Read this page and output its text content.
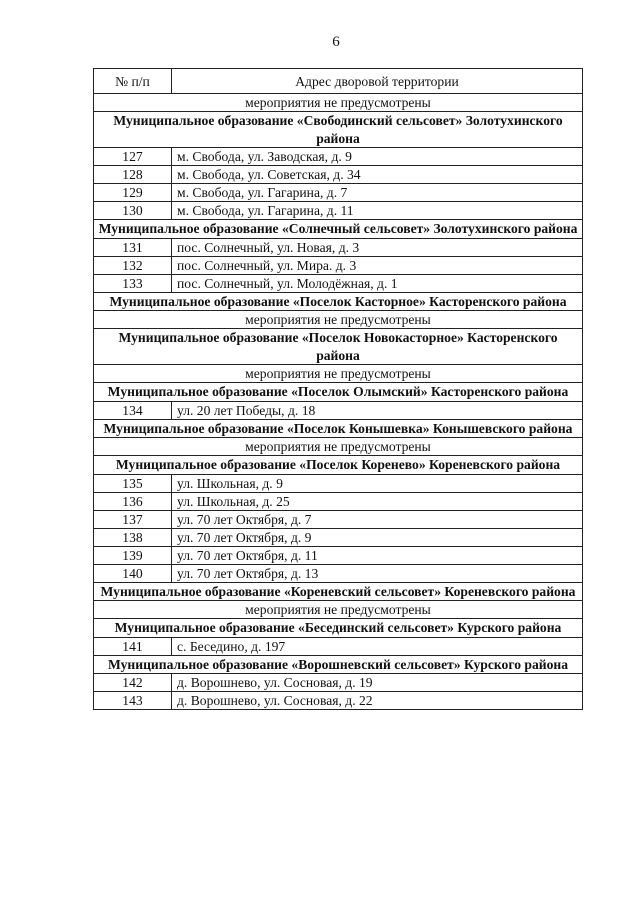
6
№ п/п	Адрес дворовой территории
мероприятия не предусмотрены	
Муниципальное образование «Свободинский сельсовет» Золотухинского района	
127	м. Свобода, ул. Заводская, д. 9
128	м. Свобода, ул. Советская, д. 34
129	м. Свобода, ул. Гагарина, д. 7
130	м. Свобода, ул. Гагарина, д. 11
Муниципальное образование «Солнечный сельсовет» Золотухинского района	
131	пос. Солнечный, ул. Новая, д. 3
132	пос. Солнечный, ул. Мира. д. 3
133	пос. Солнечный, ул. Молодёжная, д. 1
Муниципальное образование «Поселок Касторное» Касторенского района	
мероприятия не предусмотрены	
Муниципальное образование «Поселок Новокасторное» Касторенского района	
мероприятия не предусмотрены	
Муниципальное образование «Поселок Олымский» Касторенского района	
134	ул. 20 лет Победы, д. 18
Муниципальное образование «Поселок Конышевка» Конышевского района	
мероприятия не предусмотрены	
Муниципальное образование «Поселок Коренево» Кореневского района	
135	ул. Школьная, д. 9
136	ул. Школьная, д. 25
137	ул. 70 лет Октября, д. 7
138	ул. 70 лет Октября, д. 9
139	ул. 70 лет Октября, д. 11
140	ул. 70 лет Октября, д. 13
Муниципальное образование «Кореневский сельсовет» Кореневского района	
мероприятия не предусмотрены	
Муниципальное образование «Бесединский сельсовет» Курского района	
141	с. Беседино, д. 197
Муниципальное образование «Ворошневский сельсовет» Курского района	
142	д. Ворошнево, ул. Сосновая, д. 19
143	д. Ворошнево, ул. Сосновая, д. 22
